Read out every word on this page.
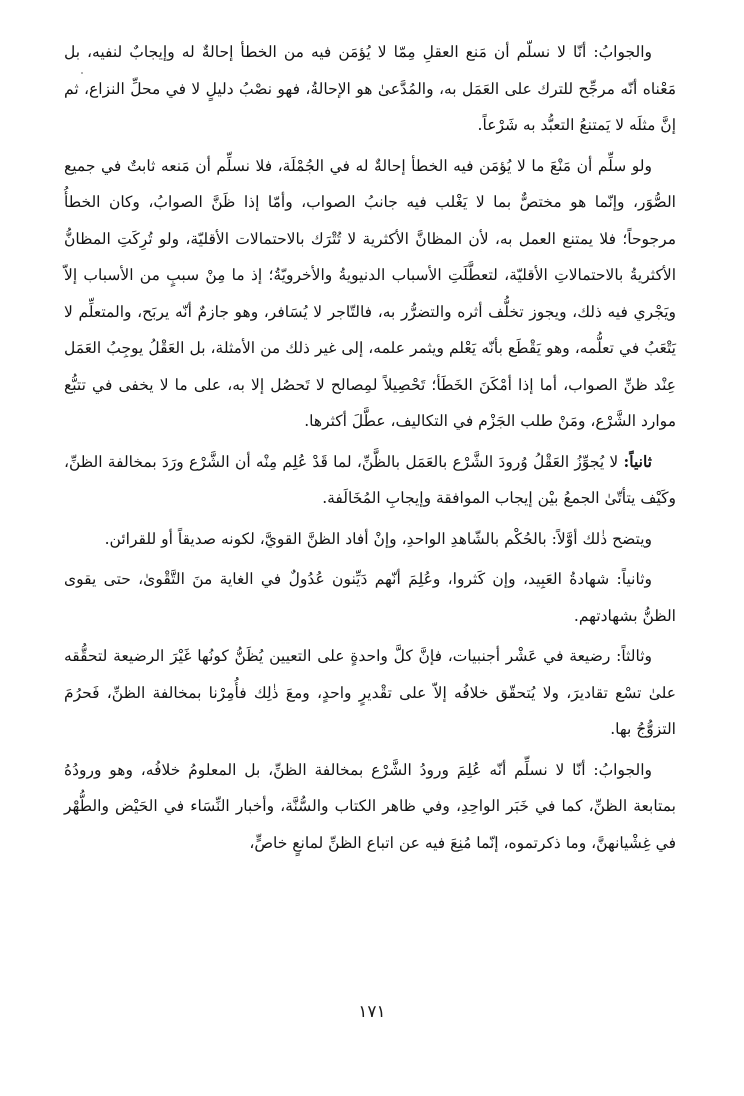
والجوابُ: أنّا لا نسلّم أن مَنع العقلِ مِمّا لا يُؤمَن فيه من الخطأ إحالةٌ له وإيجابٌ لنفيه، بل مَعْناه أنّه مرجِّح للترك على العَمَل به، والمُدَّعىٰ هو الإحالةُ، فهو نصْبُ دليلٍ لا في محلِّ النزاع، ثم إنَّ مثلَه لا يَمتنعُ التعبُّد به شَرْعاً.

ولو سلِّم أن مَنْعَ ما لا يُؤمَن فيه الخطأ إحالةٌ له في الجُمْلَة، فلا نسلِّم أن مَنعه ثابتٌ في جميع الصُّوَر، وإنّما هو مختصٌّ بما لا يَغْلب فيه جانبُ الصواب، وأمّا إذا ظَنَّ الصوابُ، وكان الخطأُ مرجوحاً؛ فلا يمتنع العمل به، لأن المظانَّ الأكثرية لا تُتْرَك بالاحتمالات الأقليّة، ولو تُرِكَتِ المظانُّ الأكثريةُ بالاحتمالاتِ الأقليّة، لتعطَّلَتِ الأسباب الدنيويةُ والأخرويّةُ؛ إذ ما مِنْ سببٍ من الأسباب إلاّ ويَجْري فيه ذلك، ويجوز تخلُّف أثره والتضرُّر به، فالتّاجر لا يُسَافر، وهو جازمٌ أنّه يربَح، والمتعلِّم لا يَتْعَبُ في تعلُّمه، وهو يَقْطَع بأنّه يَعْلم ويثمر علمه، إلى غير ذلك من الأمثلة، بل العَقْلُ يوجِبُ العَمَل عِنْد ظنِّ الصواب، أما إذا أمْكَنَ الخَطَأ؛ تَحْصِيلاً لمِصالح لا تَحصُل إلا به، على ما لا يخفى في تتبُّع موارد الشَّرْع، ومَنْ طلب الجَزْم في التكاليف، عطَّلَ أكثرها.

ثانياً: لا يُجوِّزُ العَقْلُ وُرودَ الشَّرْع بالعَمَل بالظَّنِّ، لما قَدْ عُلِم مِنْه أن الشَّرْع ورَدَ بمخالفة الظنِّ، وكَيْف يتأتّىٰ الجمعُ بيْن إيجاب الموافقة وإيجابِ المُخَالَفة.

ويتضح ذٰلك أوَّلاً: بالحُكْم بالشّاهدِ الواحدِ، وإنْ أفاد الظنَّ القويَّ، لكونه صديقاً أو للقرائن.

وثانياً: شهادةُ العَبِيد، وإن كَثروا، وعُلِمَ أنّهم دَيِّنون عُدُولٌ في الغاية منَ التَّقْوىٰ، حتى يقوى الظنُّ بشهادتهم.

وثالثاً: رضيعة في عَشْر أجنبيات، فإنَّ كلَّ واحدةٍ على التعيين يُظَنُّ كونُها غَيْرَ الرضيعة لتحقُّقه علىٰ تسْع تقاديرَ، ولا يُتحقّق خلافُه إلاّ على تقْديرٍ واحدٍ، ومعَ ذٰلِك فأُمِرْنا بمخالفة الظنِّ، فَحرُمَ التزوُّجُ بها.

والجوابُ: أنّا لا نسلِّم أنّه عُلِمَ ورودُ الشَّرْع بمخالفة الظنِّ، بل المعلومُ خلافُه، وهو ورودُهُ بمتابعة الظنِّ، كما في خَبَر الواحِدِ، وفي ظاهر الكتاب والسُّنَّة، وأخبار النِّسَاء في الحَيْض والطُّهْر في غِشْيانهنَّ، وما ذكرتموه، إنّما مُنِعَ فيه عن اتباع الظنِّ لمانعٍ خاصٍّ،

١٧١
